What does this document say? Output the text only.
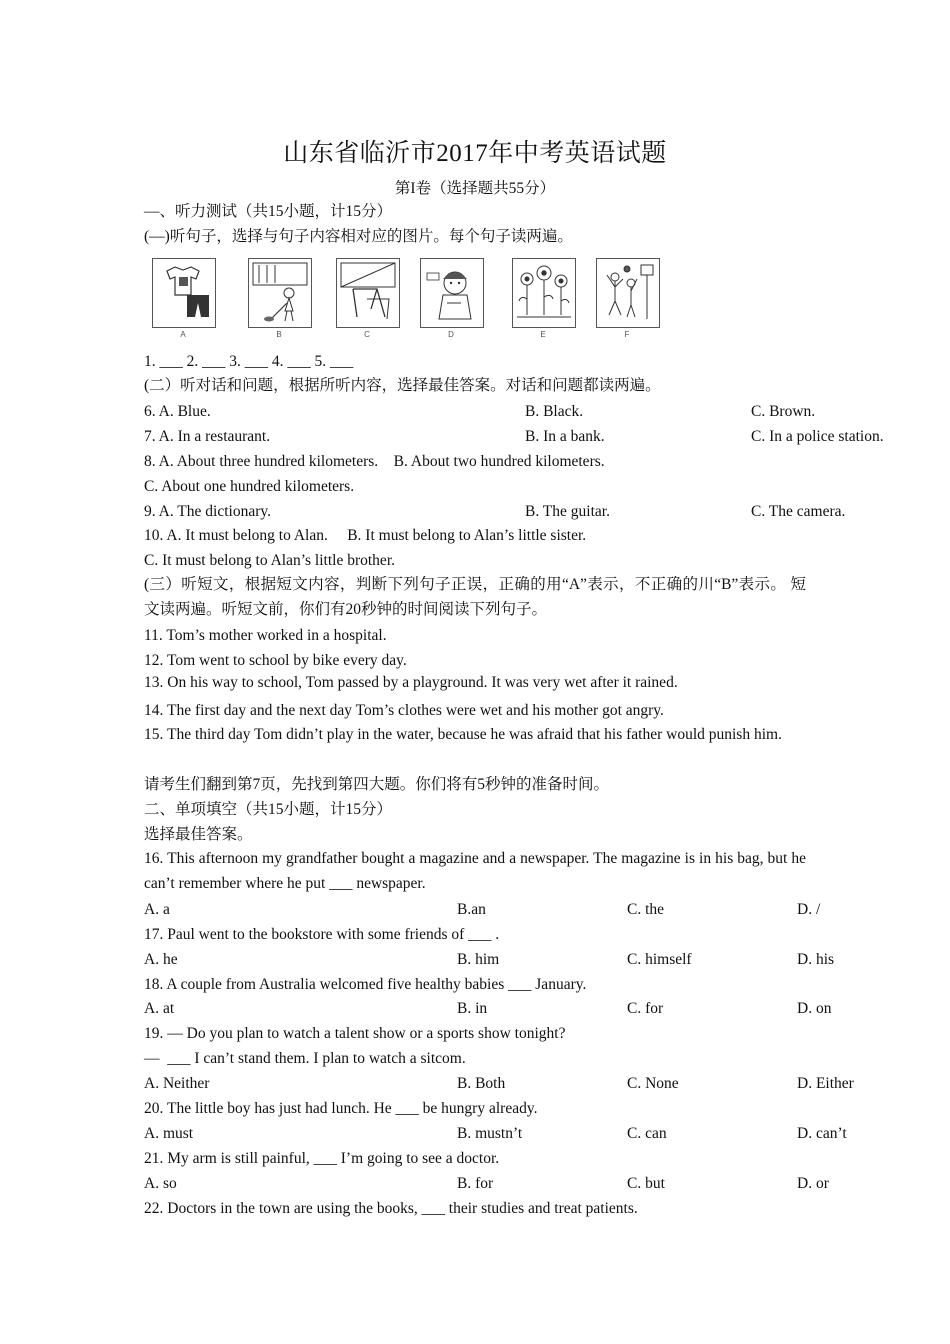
山东省临沂市2017年中考英语试题
第I卷（选择题共55分）
—、听力测试（共15小题，计15分）
(—)听句子，选择与句子内容相对应的图片。每个句子读两遍。
A	B	C	D	E	F
1. ___ 2. ___ 3. ___ 4. ___ 5. ___
(二）听对话和问题，根据所听内容，选择最佳答案。对话和问题都读两遍。
6. A. Blue.	B. Black.	C. Brown.
7. A. In a restaurant.	B. In a bank.	C. In a police station.
8. A. About three hundred kilometers.    B. About two hundred kilometers.
C. About one hundred kilometers.
9. A. The dictionary.	B. The guitar.	C. The camera.
10. A. It must belong to Alan.     B. It must belong to Alan’s little sister.
C. It must belong to Alan’s little brother.
(三）听短文，根据短文内容，判断下列句子正误，正确的用“A”表示，不正确的川“B”表示。 短文读两遍。听短文前，你们有20秒钟的时间阅读下列句子。
11. Tom’s mother worked in a hospital.
12. Tom went to school by bike every day.
13. On his way to school, Tom passed by a playground. It was very wet after it rained.
14. The first day and the next day Tom’s clothes were wet and his mother got angry.
15. The third day Tom didn’t play in the water, because he was afraid that his father would punish him.
请考生们翻到第7页，先找到第四大题。你们将有5秒钟的准备时间。
二、单项填空（共15小题，计15分）
选择最佳答案。
16. This afternoon my grandfather bought a magazine and a newspaper. The magazine is in his bag, but he can’t remember where he put ___ newspaper.
A. a	B.an	C. the	D. /
17. Paul went to the bookstore with some friends of ___ .
A. he	B. him	C. himself	D. his
18. A couple from Australia welcomed five healthy babies ___ January.
A. at	B. in	C. for	D. on
19. — Do you plan to watch a talent show or a sports show tonight?
—  ___ I can’t stand them. I plan to watch a sitcom.
A. Neither	B. Both	C. None	D. Either
20. The little boy has just had lunch. He ___ be hungry already.
A. must	B. mustn’t	C. can	D. can’t
21. My arm is still painful, ___ I’m going to see a doctor.
A. so	B. for	C. but	D. or
22. Doctors in the town are using the books, ___ their studies and treat patients.
